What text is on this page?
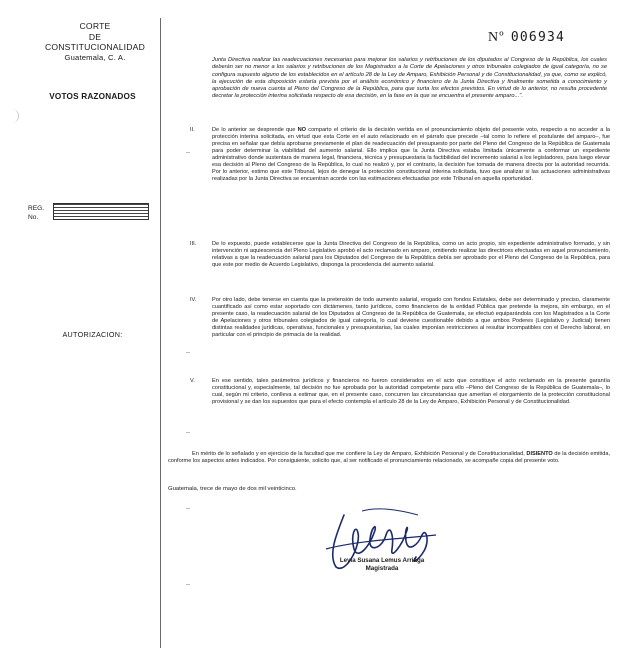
CORTE
DE
CONSTITUCIONALIDAD
Guatemala, C. A.
VOTOS RAZONADOS
REG.
No.
AUTORIZACION:
Nº 006934
Junta Directiva realizar las readecuaciones necesarias para mejorar los salarios y retribuciones de los diputados al Congreso de la República, los cuales deberán ser no menor a los salarios y retribuciones de los Magistrados a la Corte de Apelaciones y otros tribunales colegiados de igual categoría, no se configura supuesto alguno de los establecidos en el artículo 28 de la Ley de Amparo, Exhibición Personal y de Constitucionalidad, ya que, como se explicó, la ejecución de esta disposición estaría prevista por el análisis económico y financiero de la Junta Directiva y finalmente sometida a conocimiento y aprobación de nueva cuenta al Pleno del Congreso de la República, para que surta los efectos previstos. En virtud de lo anterior, no resulta procedente decretar la protección interina solicitada respecto de esa decisión, en la fase en la que se encuentra el presente amparo...".
II.	De lo anterior se desprende que NO comparto el criterio de la decisión vertida en el pronunciamiento objeto del presente voto, respecto a no acceder a la protección interina solicitada, en virtud que esta Corte en el auto relacionado en el párrafo que precede –tal como lo refiere el postulante del amparo–, fue precisa en señalar que debía aprobarse previamente el plan de readecuación del presupuesto por parte del Pleno del Congreso de la República de Guatemala para poder determinar la viabilidad del aumento salarial. Ello implica que la Junta Directiva estaba limitada únicamente a conformar un expediente administrativo donde sustentara de manera legal, financiera, técnica y presupuestaria la factibilidad del incremento salarial a los legisladores, para luego elevar esa decisión al Pleno del Congreso de la República, lo cual no realizó y, por el contrario, la decisión fue tomada de manera directa por la autoridad recurrida. Por lo anterior, estimo que este Tribunal, lejos de denegar la protección constitucional interina solicitada, tuvo que analizar si las actuaciones administrativas realizadas por la Junta Directiva se encuentran acorde con las estimaciones efectuadas por este Tribunal en aquella oportunidad.
III.	De lo expuesto, puede establecerse que la Junta Directiva del Congreso de la República, como un acto propio, sin expediente administrativo formado, y sin intervención ni aquiescencia del Pleno Legislativo aprobó el acto reclamado en amparo, omitiendo realizar las directrices efectuadas en aquel pronunciamiento, relativas a que la readecuación salarial para los Diputados del Congreso de la República debía ser aprobado por el Pleno del Congreso de la República, para que este por medio de Acuerdo Legislativo, disponga la procedencia del aumento salarial.
IV.	Por otro lado, debe tenerse en cuenta que la pretensión de todo aumento salarial, erogado con fondos Estatales, debe ser determinado y preciso, claramente cuantificado así como estar soportado con dictámenes, tanto jurídicos, como financieros de la entidad Pública que pretende la mejora, sin embargo, en el presente caso, la readecuación salarial de los Diputados al Congreso de la República de Guatemala, se efectuó equiparándola con los Magistrados a la Corte de Apelaciones y otros tribunales colegiados de igual categoría, lo cual deviene cuestionable debido a que ambos Poderes (Legislativo y Judicial) tienen distintas realidades jurídicas, operativas, funcionales y presupuestarias, las cuales imponían restricciones al resultar incompatibles con el Derecho laboral, en particular con el principio de primacía de la realidad.
V.	En ese sentido, tales parámetros jurídicos y financieros no fueron considerados en el acto que constituye el acto reclamado en la presente garantía constitucional y, especialmente, tal decisión no fue aprobada por la autoridad competente para ello –Pleno del Congreso de la República de Guatemala–, lo cual, según mi criterio, conlleva a estimar que, en el presente caso, concurren las circunstancias que ameritan el otorgamiento de la protección constitucional provisional y se dan los supuestos que para el efecto contempla el artículo 28 de la Ley de Amparo, Exhibición Personal y de Constitucionalidad.
En mérito de lo señalado y en ejercicio de la facultad que me confiere la Ley de Amparo, Exhibición Personal y de Constitucionalidad, DISIENTO de la decisión emitida, conforme los aspectos antes indicados. Por consiguiente, solicito que, al ser notificado el pronunciamiento relacionado, se acompañe copia del presente voto.
Guatemala, trece de mayo de dos mil veinticinco.
Leyla Susana Lemus Arriaga
Magistrada
